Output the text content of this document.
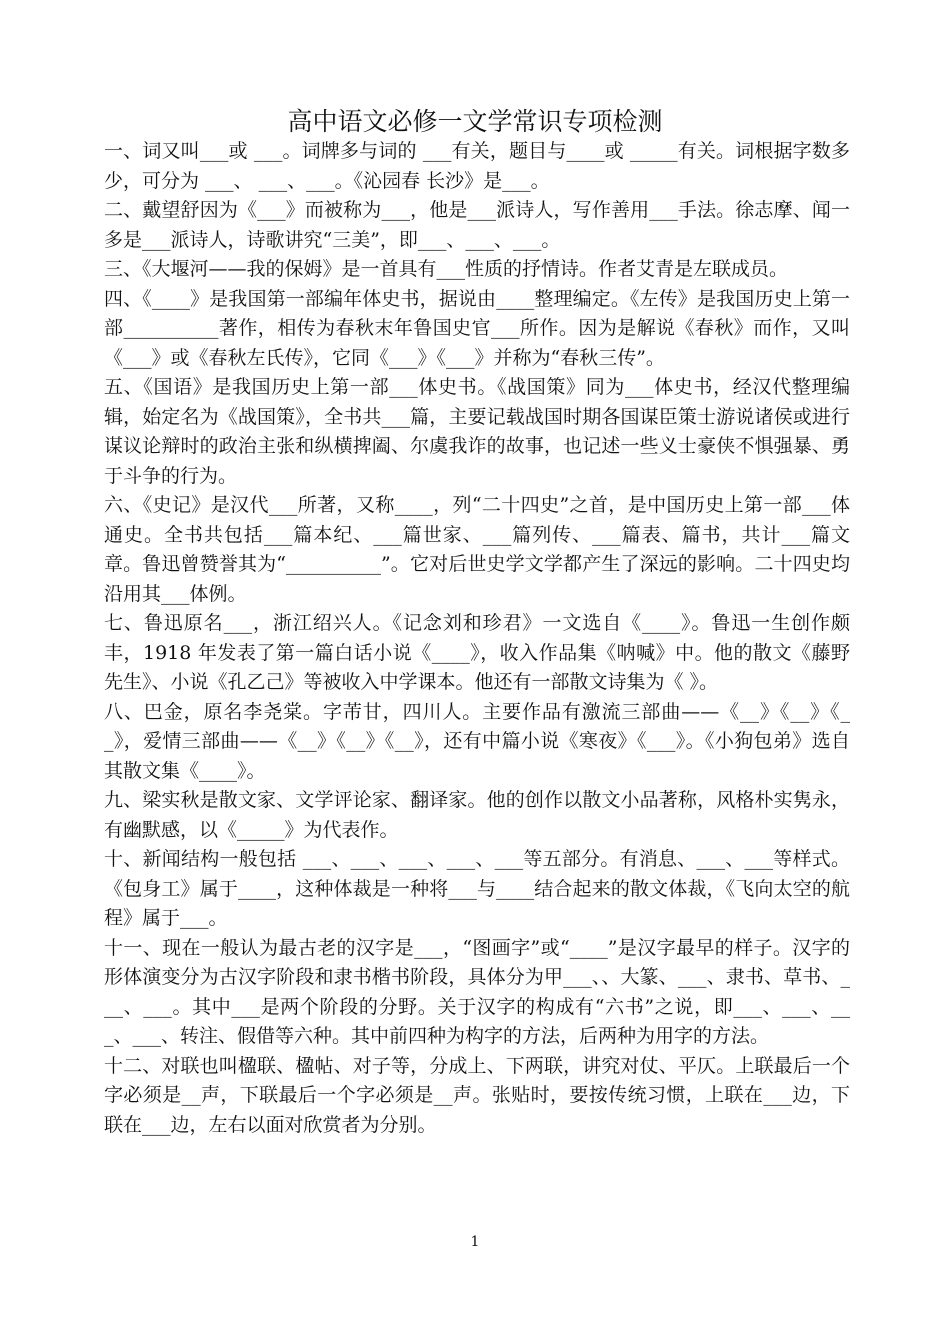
高中语文必修一文学常识专项检测

一、词又叫___或 ___。词牌多与词的 ___有关，题目与____或 _____有关。词根据字数多少，可分为 ___、 ___、___。《沁园春 长沙》是___。

二、戴望舒因为《___》而被称为___，他是___派诗人，写作善用___手法。徐志摩、闻一多是___派诗人，诗歌讲究“三美”，即___、___、___。

三、《大堰河——我的保姆》是一首具有___性质的抒情诗。作者艾青是左联成员。

四、《____》是我国第一部编年体史书，据说由____整理编定。《左传》是我国历史上第一部__________著作，相传为春秋末年鲁国史官___所作。因为是解说《春秋》而作，又叫《___》或《春秋左氏传》，它同《___》《___》并称为“春秋三传”。

五、《国语》是我国历史上第一部___体史书。《战国策》同为___体史书，经汉代整理编辑，始定名为《战国策》，全书共___篇，主要记载战国时期各国谋臣策士游说诸侯或进行谋议论辩时的政治主张和纵横捭阖、尔虞我诈的故事，也记述一些义士豪侠不惧强暴、勇于斗争的行为。

六、《史记》是汉代___所著，又称____，列“二十四史”之首，是中国历史上第一部___体通史。全书共包括___篇本纪、___篇世家、___篇列传、___篇表、篇书，共计___篇文章。鲁迅曾赞誉其为“__________”。它对后世史学文学都产生了深远的影响。二十四史均沿用其___体例。

七、鲁迅原名___，浙江绍兴人。《记念刘和珍君》一文选自《____》。鲁迅一生创作颇丰，1918 年发表了第一篇白话小说《____》，收入作品集《呐喊》中。他的散文《藤野先生》、小说《孔乙己》等被收入中学课本。他还有一部散文诗集为《 》。

八、巴金，原名李尧棠。字芾甘，四川人。主要作品有激流三部曲——《__》《__》《__》，爱情三部曲——《__》《__》《__》，还有中篇小说《寒夜》《___》。《小狗包弟》选自其散文集《____》。

九、梁实秋是散文家、文学评论家、翻译家。他的创作以散文小品著称，风格朴实隽永，有幽默感，以《_____》为代表作。

十、新闻结构一般包括 ___、___、___、___、___等五部分。有消息、___、___等样式。《包身工》属于____，这种体裁是一种将___与____结合起来的散文体裁，《飞向太空的航程》属于___。

十一、现在一般认为最古老的汉字是___，“图画字”或“____”是汉字最早的样子。汉字的形体演变分为古汉字阶段和隶书楷书阶段，具体分为甲___、、大篆、___、隶书、草书、___、___。其中___是两个阶段的分野。关于汉字的构成有“六书”之说，即___、___、___、___、转注、假借等六种。其中前四种为构字的方法，后两种为用字的方法。

十二、对联也叫楹联、楹帖、对子等，分成上、下两联，讲究对仗、平仄。上联最后一个字必须是__声，下联最后一个字必须是__声。张贴时，要按传统习惯，上联在___边，下联在___边，左右以面对欣赏者为分别。

1
